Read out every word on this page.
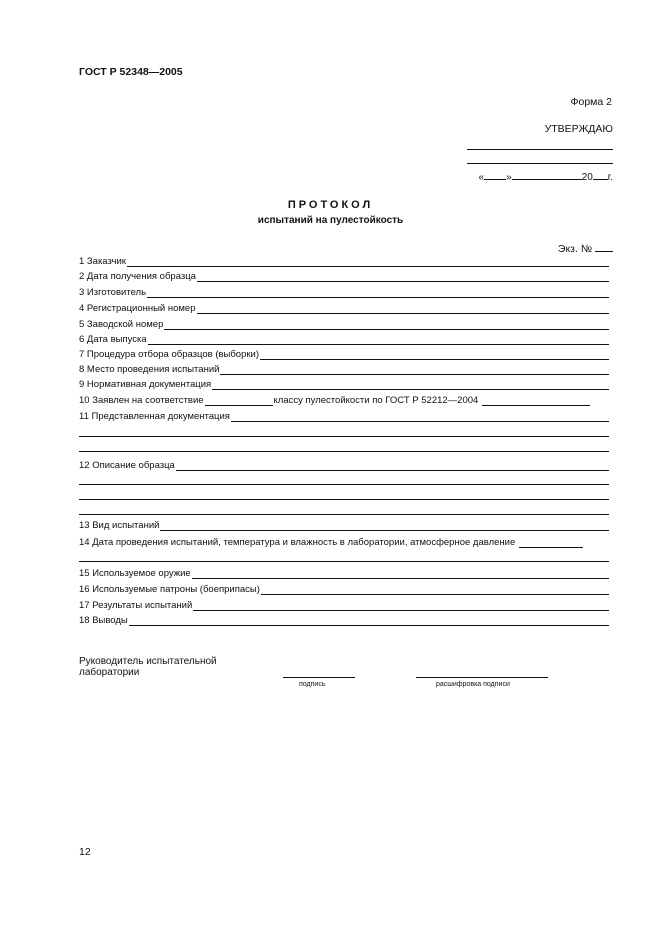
ГОСТ Р 52348—2005
Форма 2
УТВЕРЖДАЮ
« »	20 г.
ПРОТОКОЛ
испытаний на пулестойкость
Экз. №
1 Заказчик
2 Дата получения образца
3 Изготовитель
4 Регистрационный номер
5 Заводской номер
6 Дата выпуска
7 Процедура отбора образцов (выборки)
8 Место проведения испытаний
9 Нормативная документация
10 Заявлен на соответствие	классу пулестойкости по ГОСТ Р 52212—2004
11 Представленная документация
12 Описание образца
13 Вид испытаний
14 Дата проведения испытаний, температура и влажность в лаборатории, атмосферное давление
15 Используемое оружие
16 Используемые патроны (боеприпасы)
17 Результаты испытаний
18 Выводы
Руководитель испытательной лаборатории
подпись	расшифровка подписи
12
